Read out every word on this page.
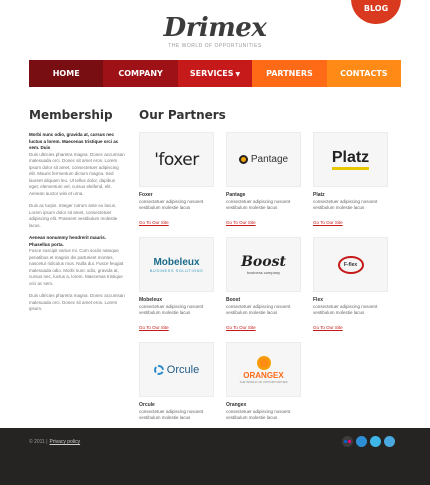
BLOG
Drimex
THE WORLD OF OPPORTUNITIES
HOME	COMPANY	SERVICES ▼	PARTNERS	CONTACTS
Membership
Morbi nunc odio, gravida at, cursus nec luctus a lorem. Maecenas tristique orci ac sem. Duis
Duis ultricies pharetra magna. Donec accumsan malesuada orci. Donec sit amet eros. Lorem ipsum dolor sit amet, consectetuer adipiscing elit. Mauris fermentum dictum magna. Sed laoreet aliquam leo. Ut tellus dolor, dapibus eget, elementum vel, cursus eleifend, elit. Aenean auctor wisi et urna.
Duis ac turpis. Integer rutrum ante eu lacus. Lorem ipsum dolor sit amet, consectetuer adipiscing elit. Praesent vestibulum molestie lacus.
Aenean nonummy hendrerit mauris. Phasellus porta.
Fusce suscipit varius mi. Cum sociis natoque penatibus et magnis dis parturient montes, nascetur ridiculus mus. Nulla dui. Fusce feugiat malesuada odio. Morbi nunc odio, gravida at, cursus nec, luctus a, lorem. Maecenas tristique orci ac sem.
Duis ultricies pharetra magna. Donec accumsan malesuada orci. Donec sit amet eros. Lorem ipsum.
Our Partners
'foxer
Foxer
consectetuer adipiscing nosoent vestibulum molestie lacus
Go To Our Site
Pantage
Pantage
consectetuer adipiscing nosoent vestibulum molestie lacus
Go To Our Site
Platz
Platz
consectetuer adipiscing nosoent vestibulum molestie lacus
Go To Our Site
Mobeleux
BUSINESS SOLUTIONS
Mobeleux
consectetuer adipiscing nosoent vestibulum molestie lacus
Go To Our Site
Boost
business company
Boost
consectetuer adipiscing nosoent vestibulum molestie lacus
Go To Our Site
F-flex
Flex
consectetuer adipiscing nosoent vestibulum molestie lacus
Go To Our Site
Orcule
Orcule
consectetuer adipiscing nosoent vestibulum molestie lacus
ORANGEX
THE WORLD OF OPPORTUNITIES
Orangex
consectetuer adipiscing nosoent vestibulum molestie lacus
© 2011 | Privacy policy
